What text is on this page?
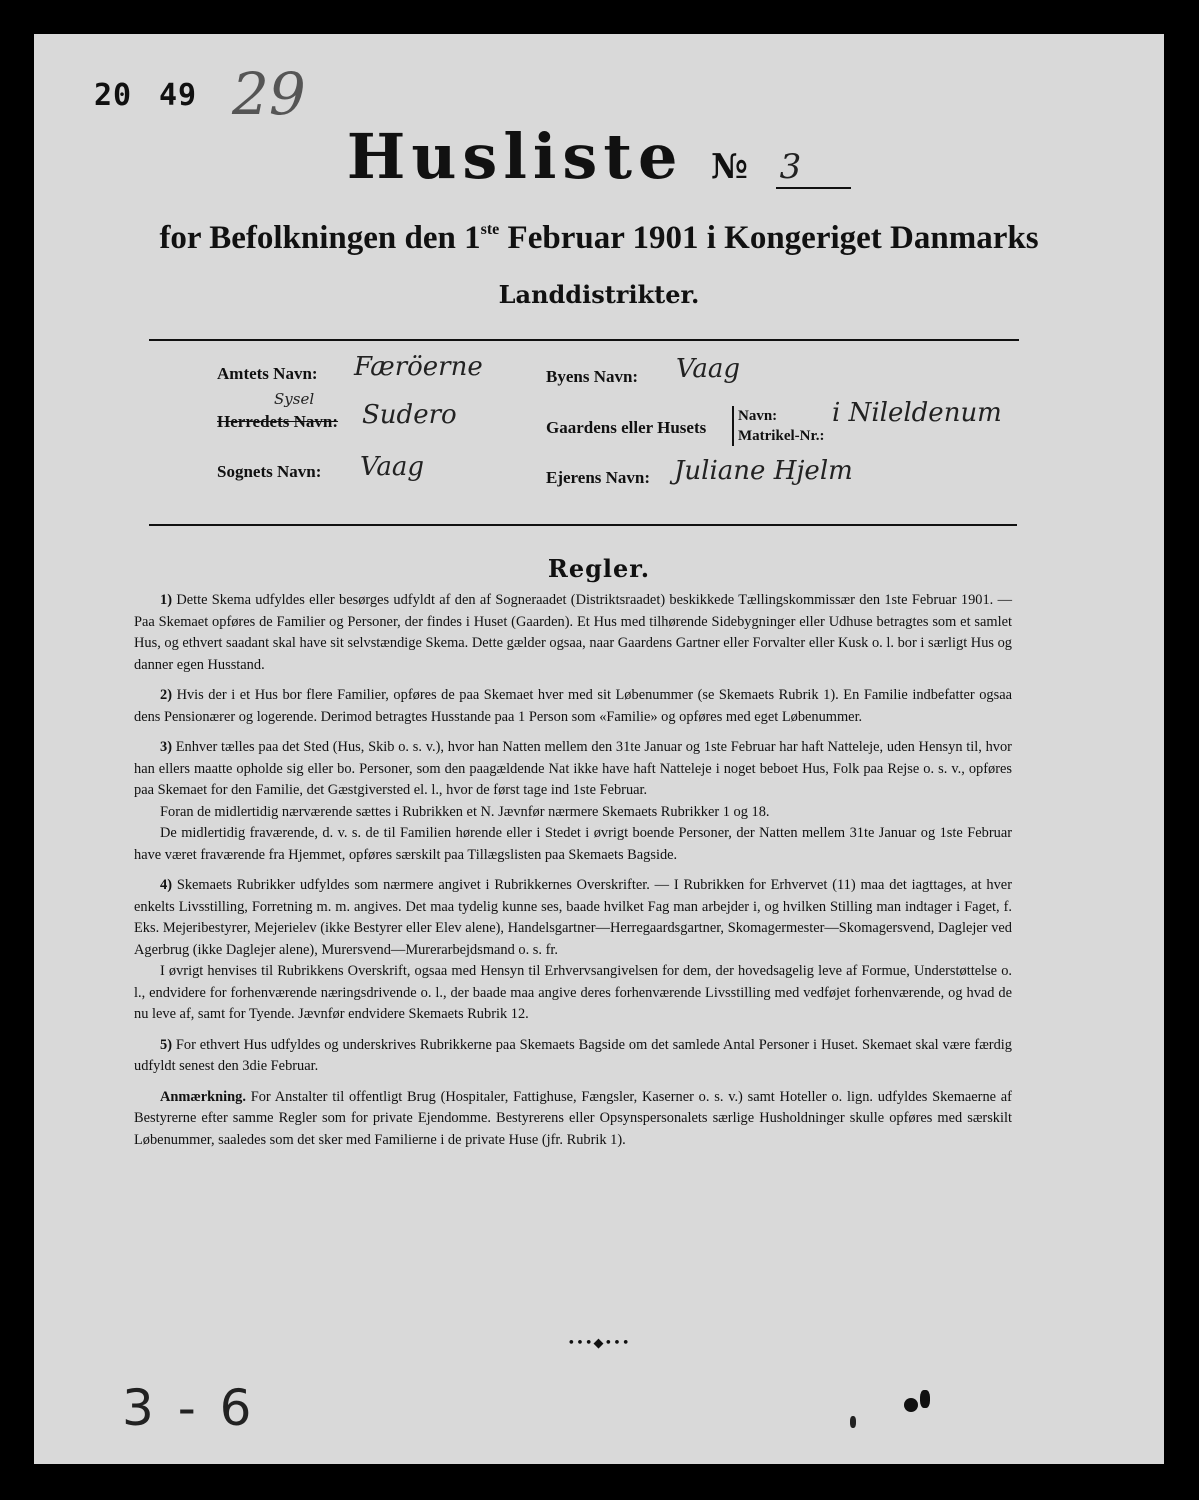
20 49 29
Husliste № 3
for Befolkningen den 1ste Februar 1901 i Kongeriget Danmarks
Landdistrikter.
Amtets Navn: Færöerne
Sysel
Herredets Navn: Sudero
Sognets Navn: Vaag
Byens Navn: Vaag
Gaardens eller Husets
Navn:
Matrikel-Nr.:
i Nileldenum
Ejerens Navn: Juliane Hjelm
Regler.

1) Dette Skema udfyldes eller besørges udfyldt af den af Sogneraadet (Distriktsraadet) beskikkede Tællingskommissær den 1ste Februar 1901. — Paa Skemaet opføres de Familier og Personer, der findes i Huset (Gaarden). Et Hus med tilhørende Sidebygninger eller Udhuse betragtes som et samlet Hus, og ethvert saadant skal have sit selvstændige Skema. Dette gælder ogsaa, naar Gaardens Gartner eller Forvalter eller Kusk o. l. bor i særligt Hus og danner egen Husstand.

2) Hvis der i et Hus bor flere Familier, opføres de paa Skemaet hver med sit Løbenummer (se Skemaets Rubrik 1). En Familie indbefatter ogsaa dens Pensionærer og logerende. Derimod betragtes Husstande paa 1 Person som «Familie» og opføres med eget Løbenummer.

3) Enhver tælles paa det Sted (Hus, Skib o. s. v.), hvor han Natten mellem den 31te Januar og 1ste Februar har haft Natteleje, uden Hensyn til, hvor han ellers maatte opholde sig eller bo. Personer, som den paagældende Nat ikke have haft Natteleje i noget beboet Hus, Folk paa Rejse o. s. v., opføres paa Skemaet for den Familie, det Gæstgiversted el. l., hvor de først tage ind 1ste Februar.

Foran de midlertidig nærværende sættes i Rubrikken et N. Jævnfør nærmere Skemaets Rubrikker 1 og 18.

De midlertidig fraværende, d. v. s. de til Familien hørende eller i Stedet i øvrigt boende Personer, der Natten mellem 31te Januar og 1ste Februar have været fraværende fra Hjemmet, opføres særskilt paa Tillægslisten paa Skemaets Bagside.

4) Skemaets Rubrikker udfyldes som nærmere angivet i Rubrikkernes Overskrifter. — I Rubrikken for Erhvervet (11) maa det iagttages, at hver enkelts Livsstilling, Forretning m. m. angives. Det maa tydelig kunne ses, baade hvilket Fag man arbejder i, og hvilken Stilling man indtager i Faget, f. Eks. Mejeribestyrer, Mejerielev (ikke Bestyrer eller Elev alene), Handelsgartner—Herregaardsgartner, Skomagermester—Skomagersvend, Daglejer ved Agerbrug (ikke Daglejer alene), Murersvend—Murerarbejdsmand o. s. fr.

I øvrigt henvises til Rubrikkens Overskrift, ogsaa med Hensyn til Erhvervsangivelsen for dem, der hovedsagelig leve af Formue, Understøttelse o. l., endvidere for forhenværende næringsdrivende o. l., der baade maa angive deres forhenværende Livsstilling med vedføjet forhenværende, og hvad de nu leve af, samt for Tyende. Jævnfør endvidere Skemaets Rubrik 12.

5) For ethvert Hus udfyldes og underskrives Rubrikkerne paa Skemaets Bagside om det samlede Antal Personer i Huset. Skemaet skal være færdig udfyldt senest den 3die Februar.

Anmærkning. For Anstalter til offentligt Brug (Hospitaler, Fattighuse, Fængsler, Kaserner o. s. v.) samt Hoteller o. lign. udfyldes Skemaerne af Bestyrerne efter samme Regler som for private Ejendomme. Bestyrerens eller Opsynspersonalets særlige Husholdninger skulle opføres med særskilt Løbenummer, saaledes som det sker med Familierne i de private Huse (jfr. Rubrik 1).

•••◆•••
3 - 6
